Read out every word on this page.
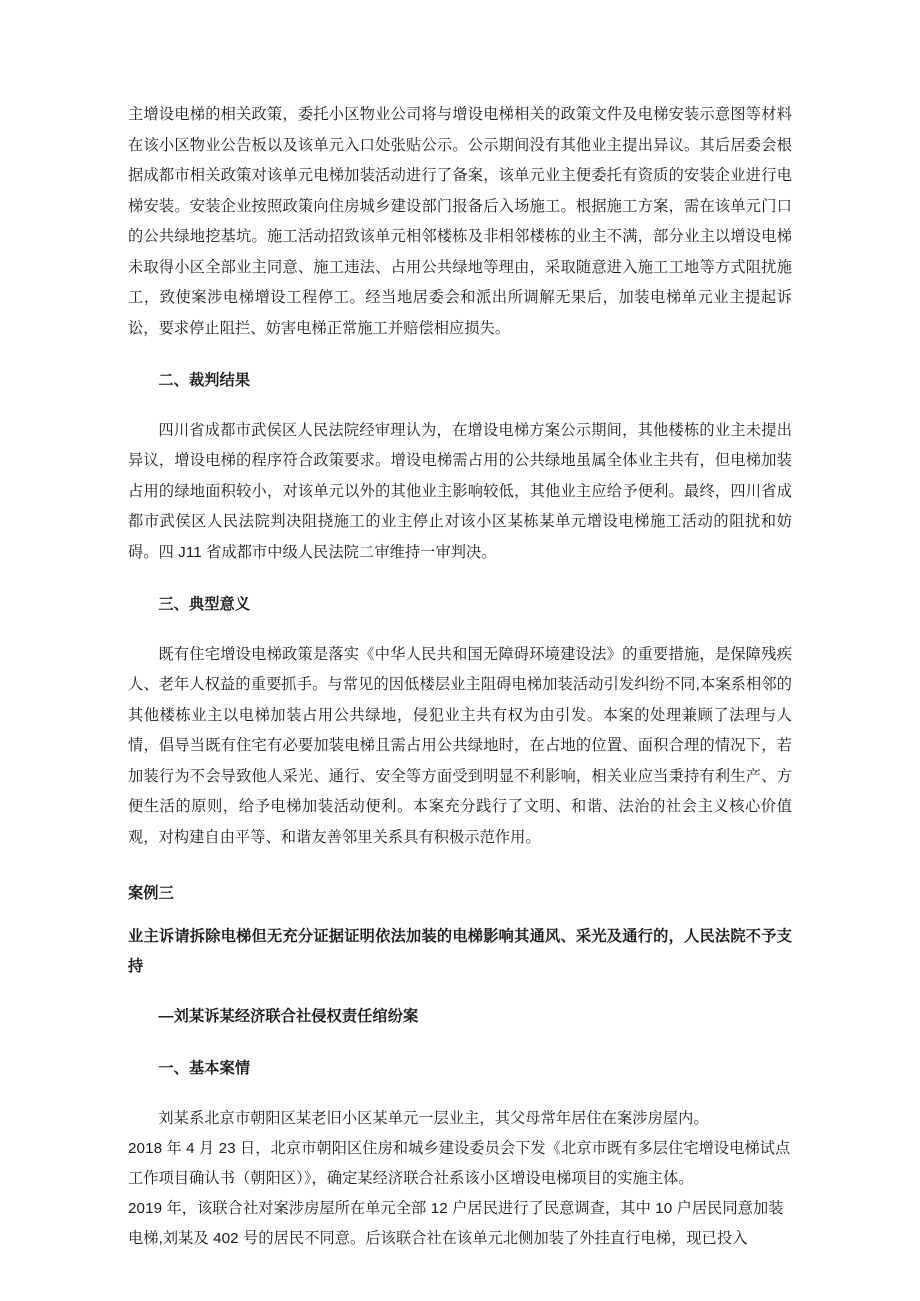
主增设电梯的相关政策，委托小区物业公司将与增设电梯相关的政策文件及电梯安装示意图等材料在该小区物业公告板以及该单元入口处张贴公示。公示期间没有其他业主提出异议。其后居委会根据成都市相关政策对该单元电梯加装活动进行了备案，该单元业主便委托有资质的安装企业进行电梯安装。安装企业按照政策向住房城乡建设部门报备后入场施工。根据施工方案，需在该单元门口的公共绿地挖基坑。施工活动招致该单元相邻楼栋及非相邻楼栋的业主不满，部分业主以增设电梯未取得小区全部业主同意、施工违法、占用公共绿地等理由，采取随意进入施工工地等方式阻扰施工，致使案涉电梯增设工程停工。经当地居委会和派出所调解无果后，加装电梯单元业主提起诉讼，要求停止阻拦、妨害电梯正常施工并赔偿相应损失。

二、裁判结果

四川省成都市武侯区人民法院经审理认为，在增设电梯方案公示期间，其他楼栋的业主未提出异议，增设电梯的程序符合政策要求。增设电梯需占用的公共绿地虽属全体业主共有，但电梯加装占用的绿地面积较小，对该单元以外的其他业主影响较低，其他业主应给予便利。最终，四川省成都市武侯区人民法院判决阻挠施工的业主停止对该小区某栋某单元增设电梯施工活动的阻扰和妨碍。四 J11 省成都市中级人民法院二审维持一审判决。

三、典型意义

既有住宅增设电梯政策是落实《中华人民共和国无障碍环境建设法》的重要措施，是保障残疾人、老年人权益的重要抓手。与常见的因低楼层业主阻碍电梯加装活动引发纠纷不同,本案系相邻的其他楼栋业主以电梯加装占用公共绿地，侵犯业主共有权为由引发。本案的处理兼顾了法理与人情，倡导当既有住宅有必要加装电梯且需占用公共绿地时，在占地的位置、面积合理的情况下，若加装行为不会导致他人采光、通行、安全等方面受到明显不利影响，相关业应当秉持有利生产、方便生活的原则，给予电梯加装活动便利。本案充分践行了文明、和谐、法治的社会主义核心价值观，对构建自由平等、和谐友善邻里关系具有积极示范作用。

案例三

业主诉请拆除电梯但无充分证据证明依法加装的电梯影响其通风、采光及通行的，人民法院不予支持

—刘某诉某经济联合社侵权责任绾纷案

一、基本案情

刘某系北京市朝阳区某老旧小区某单元一层业主，其父母常年居住在案涉房屋内。

2018 年 4 月 23 日，北京市朝阳区住房和城乡建设委员会下发《北京市既有多层住宅增设电梯试点工作项目确认书（朝阳区）》，确定某经济联合社系该小区增设电梯项目的实施主体。

2019 年，该联合社对案涉房屋所在单元全部 12 户居民进行了民意调查，其中 10 户居民同意加装电梯,刘某及 402 号的居民不同意。后该联合社在该单元北侧加装了外挂直行电梯，现已投入
